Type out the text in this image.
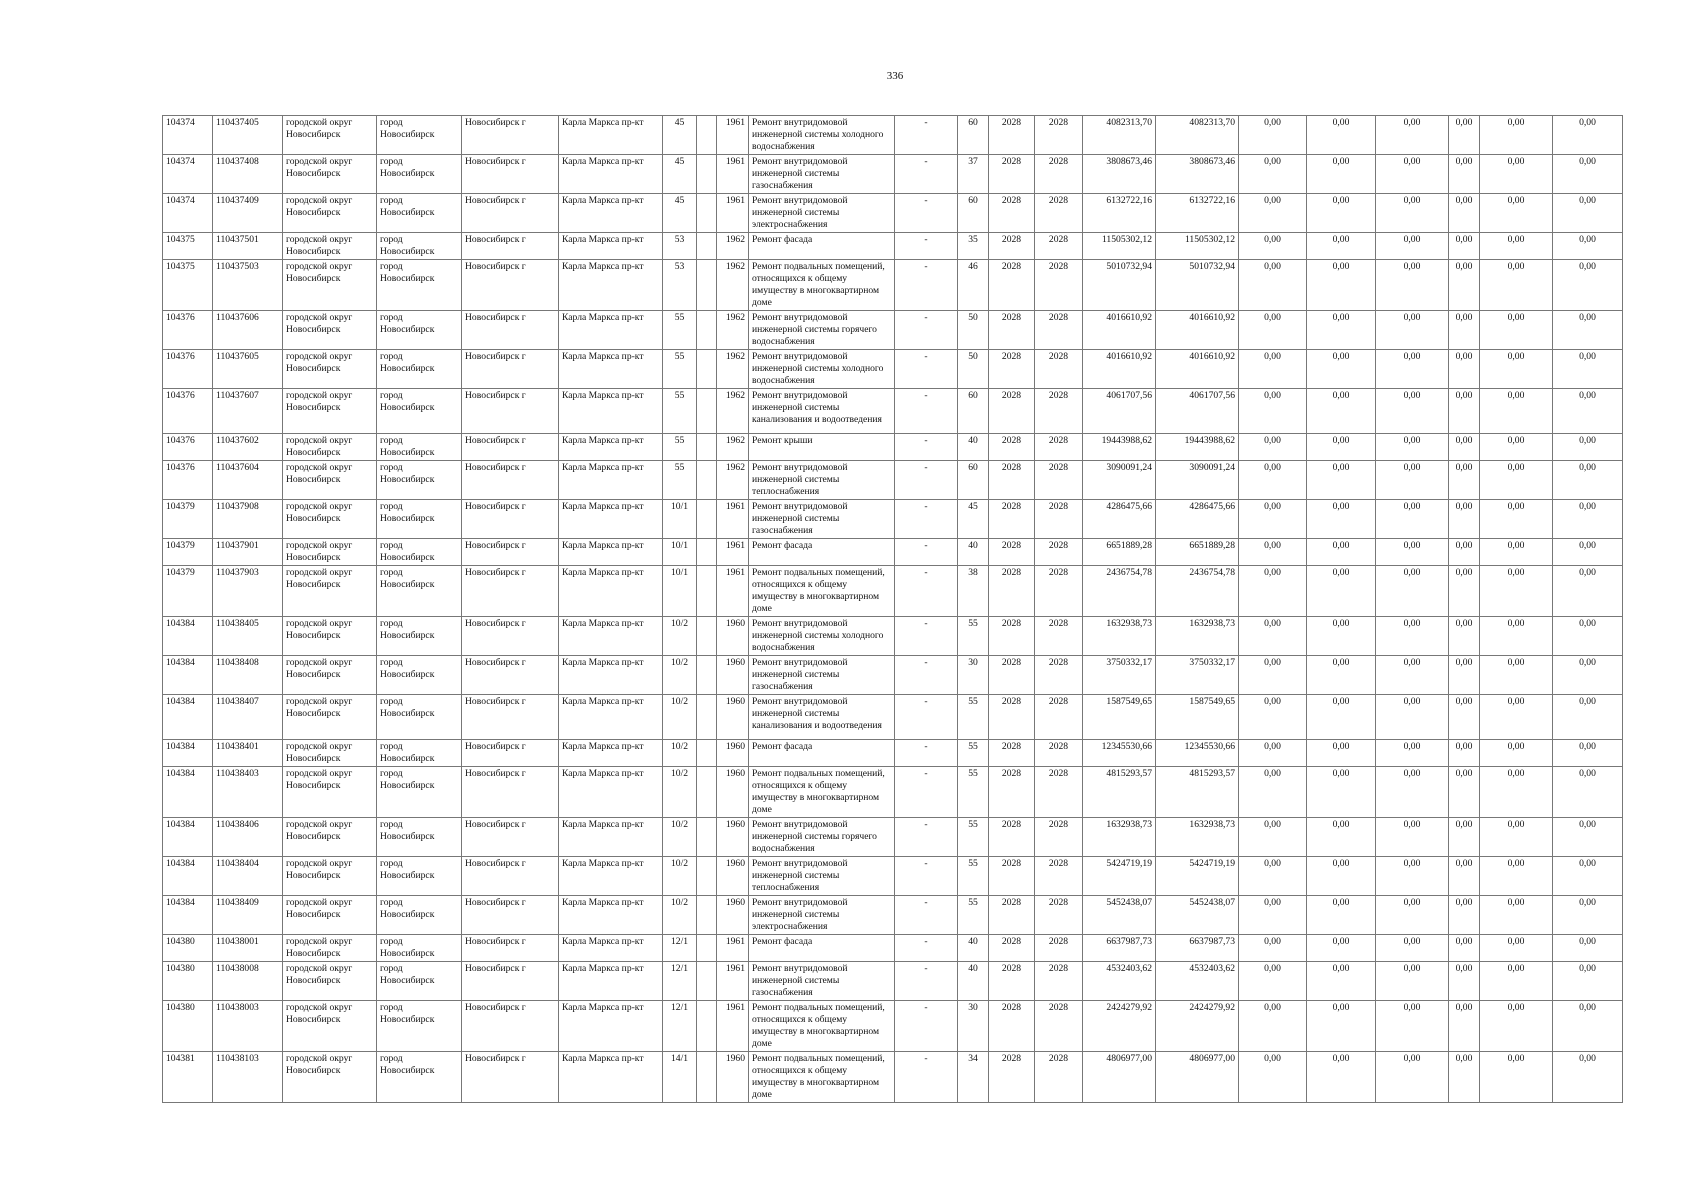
336
104374	110437405	городской округ Новосибирск	город Новосибирск	Новосибирск г	Карла Маркса пр-кт	45		1961	Ремонт внутридомовой инженерной системы холодного водоснабжения	-	60	2028	2028	4082313,70	4082313,70	0,00	0,00	0,00	0,00	0,00	0,00
104374	110437408	городской округ Новосибирск	город Новосибирск	Новосибирск г	Карла Маркса пр-кт	45		1961	Ремонт внутридомовой инженерной системы газоснабжения	-	37	2028	2028	3808673,46	3808673,46	0,00	0,00	0,00	0,00	0,00	0,00
104374	110437409	городской округ Новосибирск	город Новосибирск	Новосибирск г	Карла Маркса пр-кт	45		1961	Ремонт внутридомовой инженерной системы электроснабжения	-	60	2028	2028	6132722,16	6132722,16	0,00	0,00	0,00	0,00	0,00	0,00
104375	110437501	городской округ Новосибирск	город Новосибирск	Новосибирск г	Карла Маркса пр-кт	53		1962	Ремонт фасада	-	35	2028	2028	11505302,12	11505302,12	0,00	0,00	0,00	0,00	0,00	0,00
104375	110437503	городской округ Новосибирск	город Новосибирск	Новосибирск г	Карла Маркса пр-кт	53		1962	Ремонт подвальных помещений, относящихся к общему имуществу в многоквартирном доме	-	46	2028	2028	5010732,94	5010732,94	0,00	0,00	0,00	0,00	0,00	0,00
104376	110437606	городской округ Новосибирск	город Новосибирск	Новосибирск г	Карла Маркса пр-кт	55		1962	Ремонт внутридомовой инженерной системы горячего водоснабжения	-	50	2028	2028	4016610,92	4016610,92	0,00	0,00	0,00	0,00	0,00	0,00
104376	110437605	городской округ Новосибирск	город Новосибирск	Новосибирск г	Карла Маркса пр-кт	55		1962	Ремонт внутридомовой инженерной системы холодного водоснабжения	-	50	2028	2028	4016610,92	4016610,92	0,00	0,00	0,00	0,00	0,00	0,00
104376	110437607	городской округ Новосибирск	город Новосибирск	Новосибирск г	Карла Маркса пр-кт	55		1962	Ремонт внутридомовой инженерной системы канализования и водоотведения	-	60	2028	2028	4061707,56	4061707,56	0,00	0,00	0,00	0,00	0,00	0,00
104376	110437602	городской округ Новосибирск	город Новосибирск	Новосибирск г	Карла Маркса пр-кт	55		1962	Ремонт крыши	-	40	2028	2028	19443988,62	19443988,62	0,00	0,00	0,00	0,00	0,00	0,00
104376	110437604	городской округ Новосибирск	город Новосибирск	Новосибирск г	Карла Маркса пр-кт	55		1962	Ремонт внутридомовой инженерной системы теплоснабжения	-	60	2028	2028	3090091,24	3090091,24	0,00	0,00	0,00	0,00	0,00	0,00
104379	110437908	городской округ Новосибирск	город Новосибирск	Новосибирск г	Карла Маркса пр-кт	10/1		1961	Ремонт внутридомовой инженерной системы газоснабжения	-	45	2028	2028	4286475,66	4286475,66	0,00	0,00	0,00	0,00	0,00	0,00
104379	110437901	городской округ Новосибирск	город Новосибирск	Новосибирск г	Карла Маркса пр-кт	10/1		1961	Ремонт фасада	-	40	2028	2028	6651889,28	6651889,28	0,00	0,00	0,00	0,00	0,00	0,00
104379	110437903	городской округ Новосибирск	город Новосибирск	Новосибирск г	Карла Маркса пр-кт	10/1		1961	Ремонт подвальных помещений, относящихся к общему имуществу в многоквартирном доме	-	38	2028	2028	2436754,78	2436754,78	0,00	0,00	0,00	0,00	0,00	0,00
104384	110438405	городской округ Новосибирск	город Новосибирск	Новосибирск г	Карла Маркса пр-кт	10/2		1960	Ремонт внутридомовой инженерной системы холодного водоснабжения	-	55	2028	2028	1632938,73	1632938,73	0,00	0,00	0,00	0,00	0,00	0,00
104384	110438408	городской округ Новосибирск	город Новосибирск	Новосибирск г	Карла Маркса пр-кт	10/2		1960	Ремонт внутридомовой инженерной системы газоснабжения	-	30	2028	2028	3750332,17	3750332,17	0,00	0,00	0,00	0,00	0,00	0,00
104384	110438407	городской округ Новосибирск	город Новосибирск	Новосибирск г	Карла Маркса пр-кт	10/2		1960	Ремонт внутридомовой инженерной системы канализования и водоотведения	-	55	2028	2028	1587549,65	1587549,65	0,00	0,00	0,00	0,00	0,00	0,00
104384	110438401	городской округ Новосибирск	город Новосибирск	Новосибирск г	Карла Маркса пр-кт	10/2		1960	Ремонт фасада	-	55	2028	2028	12345530,66	12345530,66	0,00	0,00	0,00	0,00	0,00	0,00
104384	110438403	городской округ Новосибирск	город Новосибирск	Новосибирск г	Карла Маркса пр-кт	10/2		1960	Ремонт подвальных помещений, относящихся к общему имуществу в многоквартирном доме	-	55	2028	2028	4815293,57	4815293,57	0,00	0,00	0,00	0,00	0,00	0,00
104384	110438406	городской округ Новосибирск	город Новосибирск	Новосибирск г	Карла Маркса пр-кт	10/2		1960	Ремонт внутридомовой инженерной системы горячего водоснабжения	-	55	2028	2028	1632938,73	1632938,73	0,00	0,00	0,00	0,00	0,00	0,00
104384	110438404	городской округ Новосибирск	город Новосибирск	Новосибирск г	Карла Маркса пр-кт	10/2		1960	Ремонт внутридомовой инженерной системы теплоснабжения	-	55	2028	2028	5424719,19	5424719,19	0,00	0,00	0,00	0,00	0,00	0,00
104384	110438409	городской округ Новосибирск	город Новосибирск	Новосибирск г	Карла Маркса пр-кт	10/2		1960	Ремонт внутридомовой инженерной системы электроснабжения	-	55	2028	2028	5452438,07	5452438,07	0,00	0,00	0,00	0,00	0,00	0,00
104380	110438001	городской округ Новосибирск	город Новосибирск	Новосибирск г	Карла Маркса пр-кт	12/1		1961	Ремонт фасада	-	40	2028	2028	6637987,73	6637987,73	0,00	0,00	0,00	0,00	0,00	0,00
104380	110438008	городской округ Новосибирск	город Новосибирск	Новосибирск г	Карла Маркса пр-кт	12/1		1961	Ремонт внутридомовой инженерной системы газоснабжения	-	40	2028	2028	4532403,62	4532403,62	0,00	0,00	0,00	0,00	0,00	0,00
104380	110438003	городской округ Новосибирск	город Новосибирск	Новосибирск г	Карла Маркса пр-кт	12/1		1961	Ремонт подвальных помещений, относящихся к общему имуществу в многоквартирном доме	-	30	2028	2028	2424279,92	2424279,92	0,00	0,00	0,00	0,00	0,00	0,00
104381	110438103	городской округ Новосибирск	город Новосибирск	Новосибирск г	Карла Маркса пр-кт	14/1		1960	Ремонт подвальных помещений, относящихся к общему имуществу в многоквартирном доме	-	34	2028	2028	4806977,00	4806977,00	0,00	0,00	0,00	0,00	0,00	0,00
